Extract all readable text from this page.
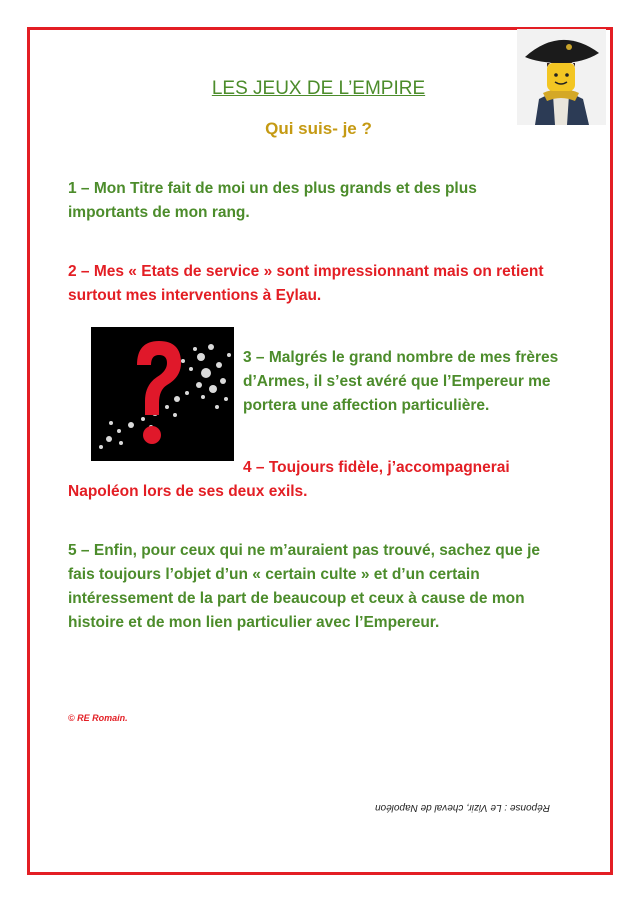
LES JEUX DE L’EMPIRE
Qui suis- je ?
1 – Mon Titre fait de moi un des plus grands et des plus
importants de mon rang.
2 – Mes « Etats de service » sont impressionnant mais on retient
surtout mes interventions à Eylau.
3 – Malgrés le grand nombre de mes frères
d’Armes, il s’est avéré que l’Empereur me
portera une affection particulière.
4 – Toujours fidèle, j’accompagnerai
Napoléon lors de ses deux exils.
5 – Enfin, pour ceux qui ne m’auraient pas trouvé, sachez que je
fais toujours l’objet d’un « certain culte » et d’un certain
intéressement de la part de beaucoup et ceux à cause de mon
histoire et de mon lien particulier avec l’Empereur.
© RE Romain.
Réponse : Le Vizir, cheval de Napoléon
